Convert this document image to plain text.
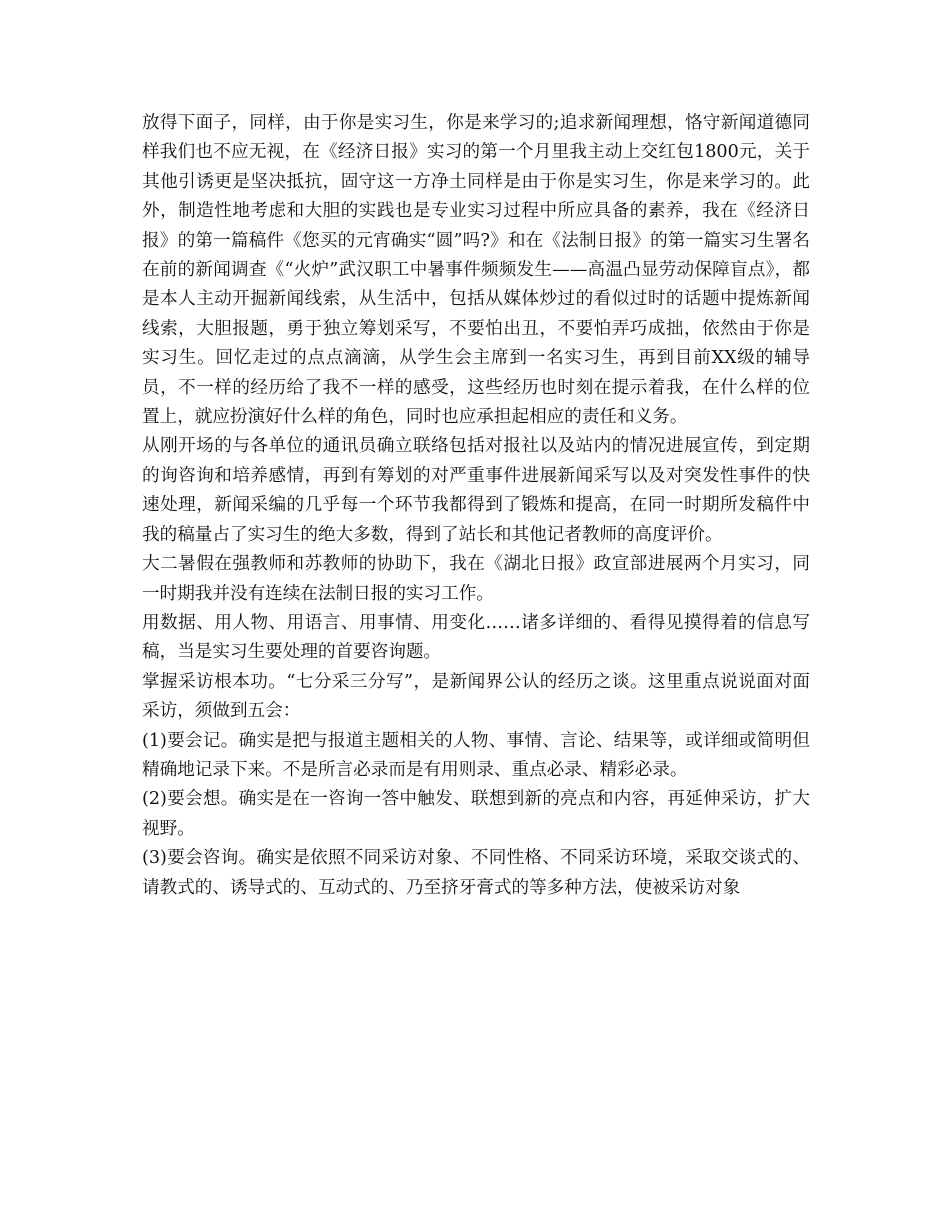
放得下面子，同样，由于你是实习生，你是来学习的;追求新闻理想，恪守新闻道德同样我们也不应无视，在《经济日报》实习的第一个月里我主动上交红包1800元，关于其他引诱更是坚决抵抗，固守这一方净土同样是由于你是实习生，你是来学习的。此外，制造性地考虑和大胆的实践也是专业实习过程中所应具备的素养，我在《经济日报》的第一篇稿件《您买的元宵确实“圆”吗?》和在《法制日报》的第一篇实习生署名在前的新闻调查《“火炉”武汉职工中暑事件频频发生——高温凸显劳动保障盲点》，都是本人主动开掘新闻线索，从生活中，包括从媒体炒过的看似过时的话题中提炼新闻线索，大胆报题，勇于独立筹划采写，不要怕出丑，不要怕弄巧成拙，依然由于你是实习生。回忆走过的点点滴滴，从学生会主席到一名实习生，再到目前XX级的辅导员，不一样的经历给了我不一样的感受，这些经历也时刻在提示着我，在什么样的位置上，就应扮演好什么样的角色，同时也应承担起相应的责任和义务。

从刚开场的与各单位的通讯员确立联络包括对报社以及站内的情况进展宣传，到定期的询咨询和培养感情，再到有筹划的对严重事件进展新闻采写以及对突发性事件的快速处理，新闻采编的几乎每一个环节我都得到了锻炼和提高，在同一时期所发稿件中我的稿量占了实习生的绝大多数，得到了站长和其他记者教师的高度评价。

大二暑假在强教师和苏教师的协助下，我在《湖北日报》政宣部进展两个月实习，同一时期我并没有连续在法制日报的实习工作。

用数据、用人物、用语言、用事情、用变化……诸多详细的、看得见摸得着的信息写稿，当是实习生要处理的首要咨询题。

掌握采访根本功。“七分采三分写”，是新闻界公认的经历之谈。这里重点说说面对面采访，须做到五会：

(1)要会记。确实是把与报道主题相关的人物、事情、言论、结果等，或详细或简明但精确地记录下来。不是所言必录而是有用则录、重点必录、精彩必录。

(2)要会想。确实是在一咨询一答中触发、联想到新的亮点和内容，再延伸采访，扩大视野。

(3)要会咨询。确实是依照不同采访对象、不同性格、不同采访环境，采取交谈式的、请教式的、诱导式的、互动式的、乃至挤牙膏式的等多种方法，使被采访对象
